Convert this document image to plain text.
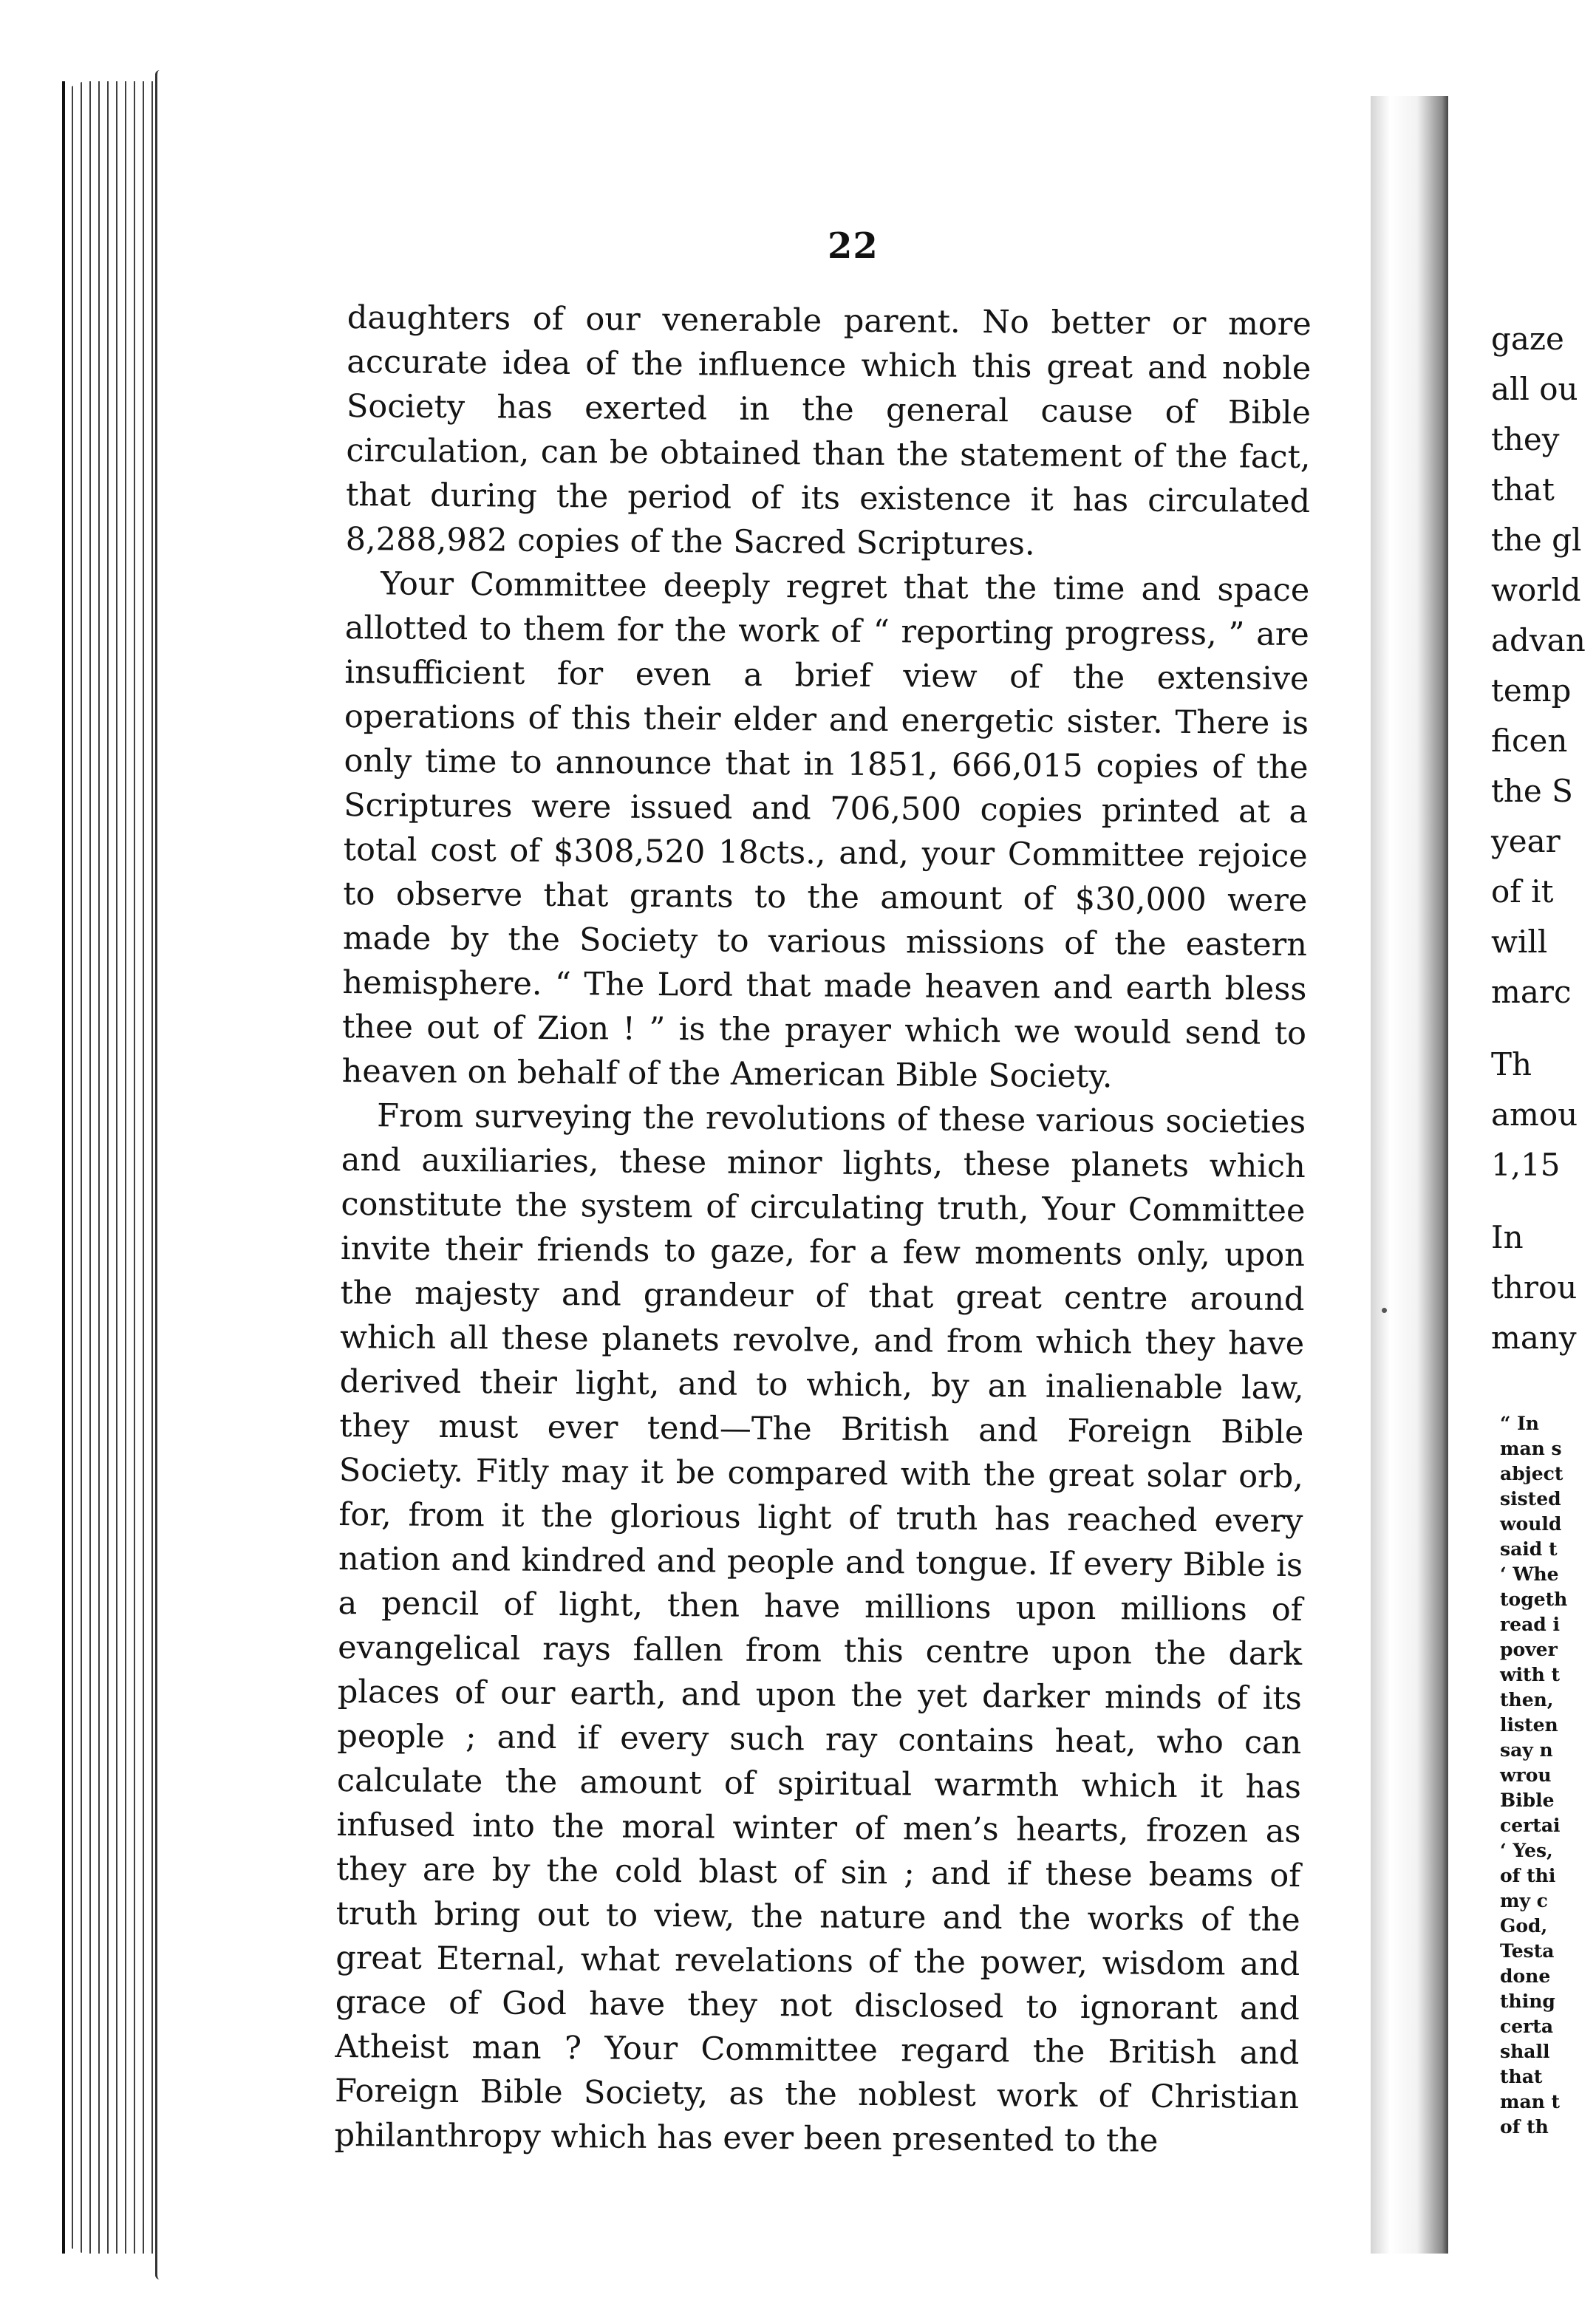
22

daughters of our venerable parent. No better or more accurate idea of the influence which this great and noble Society has exerted in the general cause of Bible circulation, can be obtained than the statement of the fact, that during the period of its existence it has circulated 8,288,982 copies of the Sacred Scriptures.

Your Committee deeply regret that the time and space allotted to them for the work of “ reporting progress, ” are insufficient for even a brief view of the extensive operations of this their elder and energetic sister. There is only time to announce that in 1851, 666,015 copies of the Scriptures were issued and 706,500 copies printed at a total cost of $308,520 18cts., and, your Committee rejoice to observe that grants to the amount of $30,000 were made by the Society to various missions of the eastern hemisphere. “ The Lord that made heaven and earth bless thee out of Zion ! ” is the prayer which we would send to heaven on behalf of the American Bible Society.

From surveying the revolutions of these various societies and auxiliaries, these minor lights, these planets which constitute the system of circulating truth, Your Committee invite their friends to gaze, for a few moments only, upon the majesty and grandeur of that great centre around which all these planets revolve, and from which they have derived their light, and to which, by an inalienable law, they must ever tend—The British and Foreign Bible Society. Fitly may it be compared with the great solar orb, for, from it the glorious light of truth has reached every nation and kindred and people and tongue. If every Bible is a pencil of light, then have millions upon millions of evangelical rays fallen from this centre upon the dark places of our earth, and upon the yet darker minds of its people ; and if every such ray contains heat, who can calculate the amount of spiritual warmth which it has infused into the moral winter of men’s hearts, frozen as they are by the cold blast of sin ; and if these beams of truth bring out to view, the nature and the works of the great Eternal, what revelations of the power, wisdom and grace of God have they not disclosed to ignorant and Atheist man ? Your Committee regard the British and Foreign Bible Society, as the noblest work of Christian philanthropy which has ever been presented to the

gaze
all ou
they
that
the gl
world
advan
temp
ficen
the S
year
of it
will
marc
Th
amou
1,15
In
throu
many
“ In
man s
abject
sisted
would
said t
‘ Whe
togeth
read i
pover
with t
then,
listen
say n
wrou
Bible
certai
‘ Yes,
of thi
my c
God,
Testa
done
thing
certa
shall
that
man t
of th
